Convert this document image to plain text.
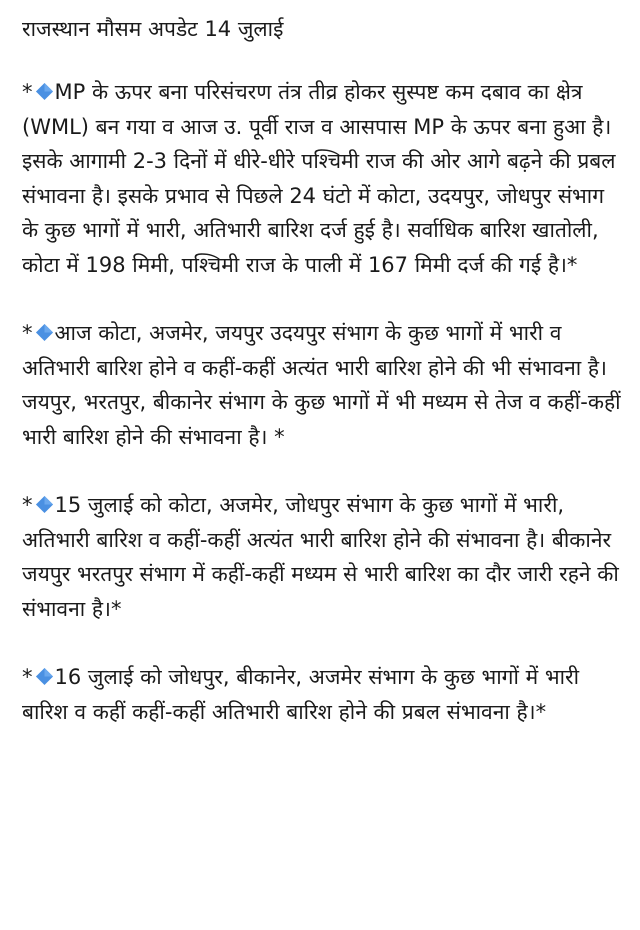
राजस्थान मौसम अपडेट 14 जुलाई

* MP के ऊपर बना परिसंचरण तंत्र तीव्र होकर सुस्पष्ट कम दबाव का क्षेत्र (WML) बन गया व आज उ. पूर्वी राज व आसपास MP के ऊपर बना हुआ है। इसके आगामी 2-3 दिनों में धीरे-धीरे पश्चिमी राज की ओर आगे बढ़ने की प्रबल संभावना है। इसके प्रभाव से पिछले 24 घंटो में कोटा, उदयपुर, जोधपुर संभाग के कुछ भागों में भारी, अतिभारी बारिश दर्ज हुई है। सर्वाधिक बारिश खातोली, कोटा में 198 मिमी, पश्चिमी राज के पाली में 167 मिमी दर्ज की गई है।*

* आज कोटा, अजमेर, जयपुर उदयपुर संभाग के कुछ भागों में भारी व अतिभारी बारिश होने व कहीं-कहीं अत्यंत भारी बारिश होने की भी संभावना है। जयपुर, भरतपुर, बीकानेर संभाग के कुछ भागों में भी मध्यम से तेज व कहीं-कहीं भारी बारिश होने की संभावना है। *

* 15 जुलाई को कोटा, अजमेर, जोधपुर संभाग के कुछ भागों में भारी, अतिभारी बारिश व कहीं-कहीं अत्यंत भारी बारिश होने की संभावना है। बीकानेर जयपुर भरतपुर संभाग में कहीं-कहीं मध्यम से भारी बारिश का दौर जारी रहने की संभावना है।*

* 16 जुलाई को जोधपुर, बीकानेर, अजमेर संभाग के कुछ भागों में भारी बारिश व कहीं कहीं-कहीं अतिभारी बारिश होने की प्रबल संभावना है।*
